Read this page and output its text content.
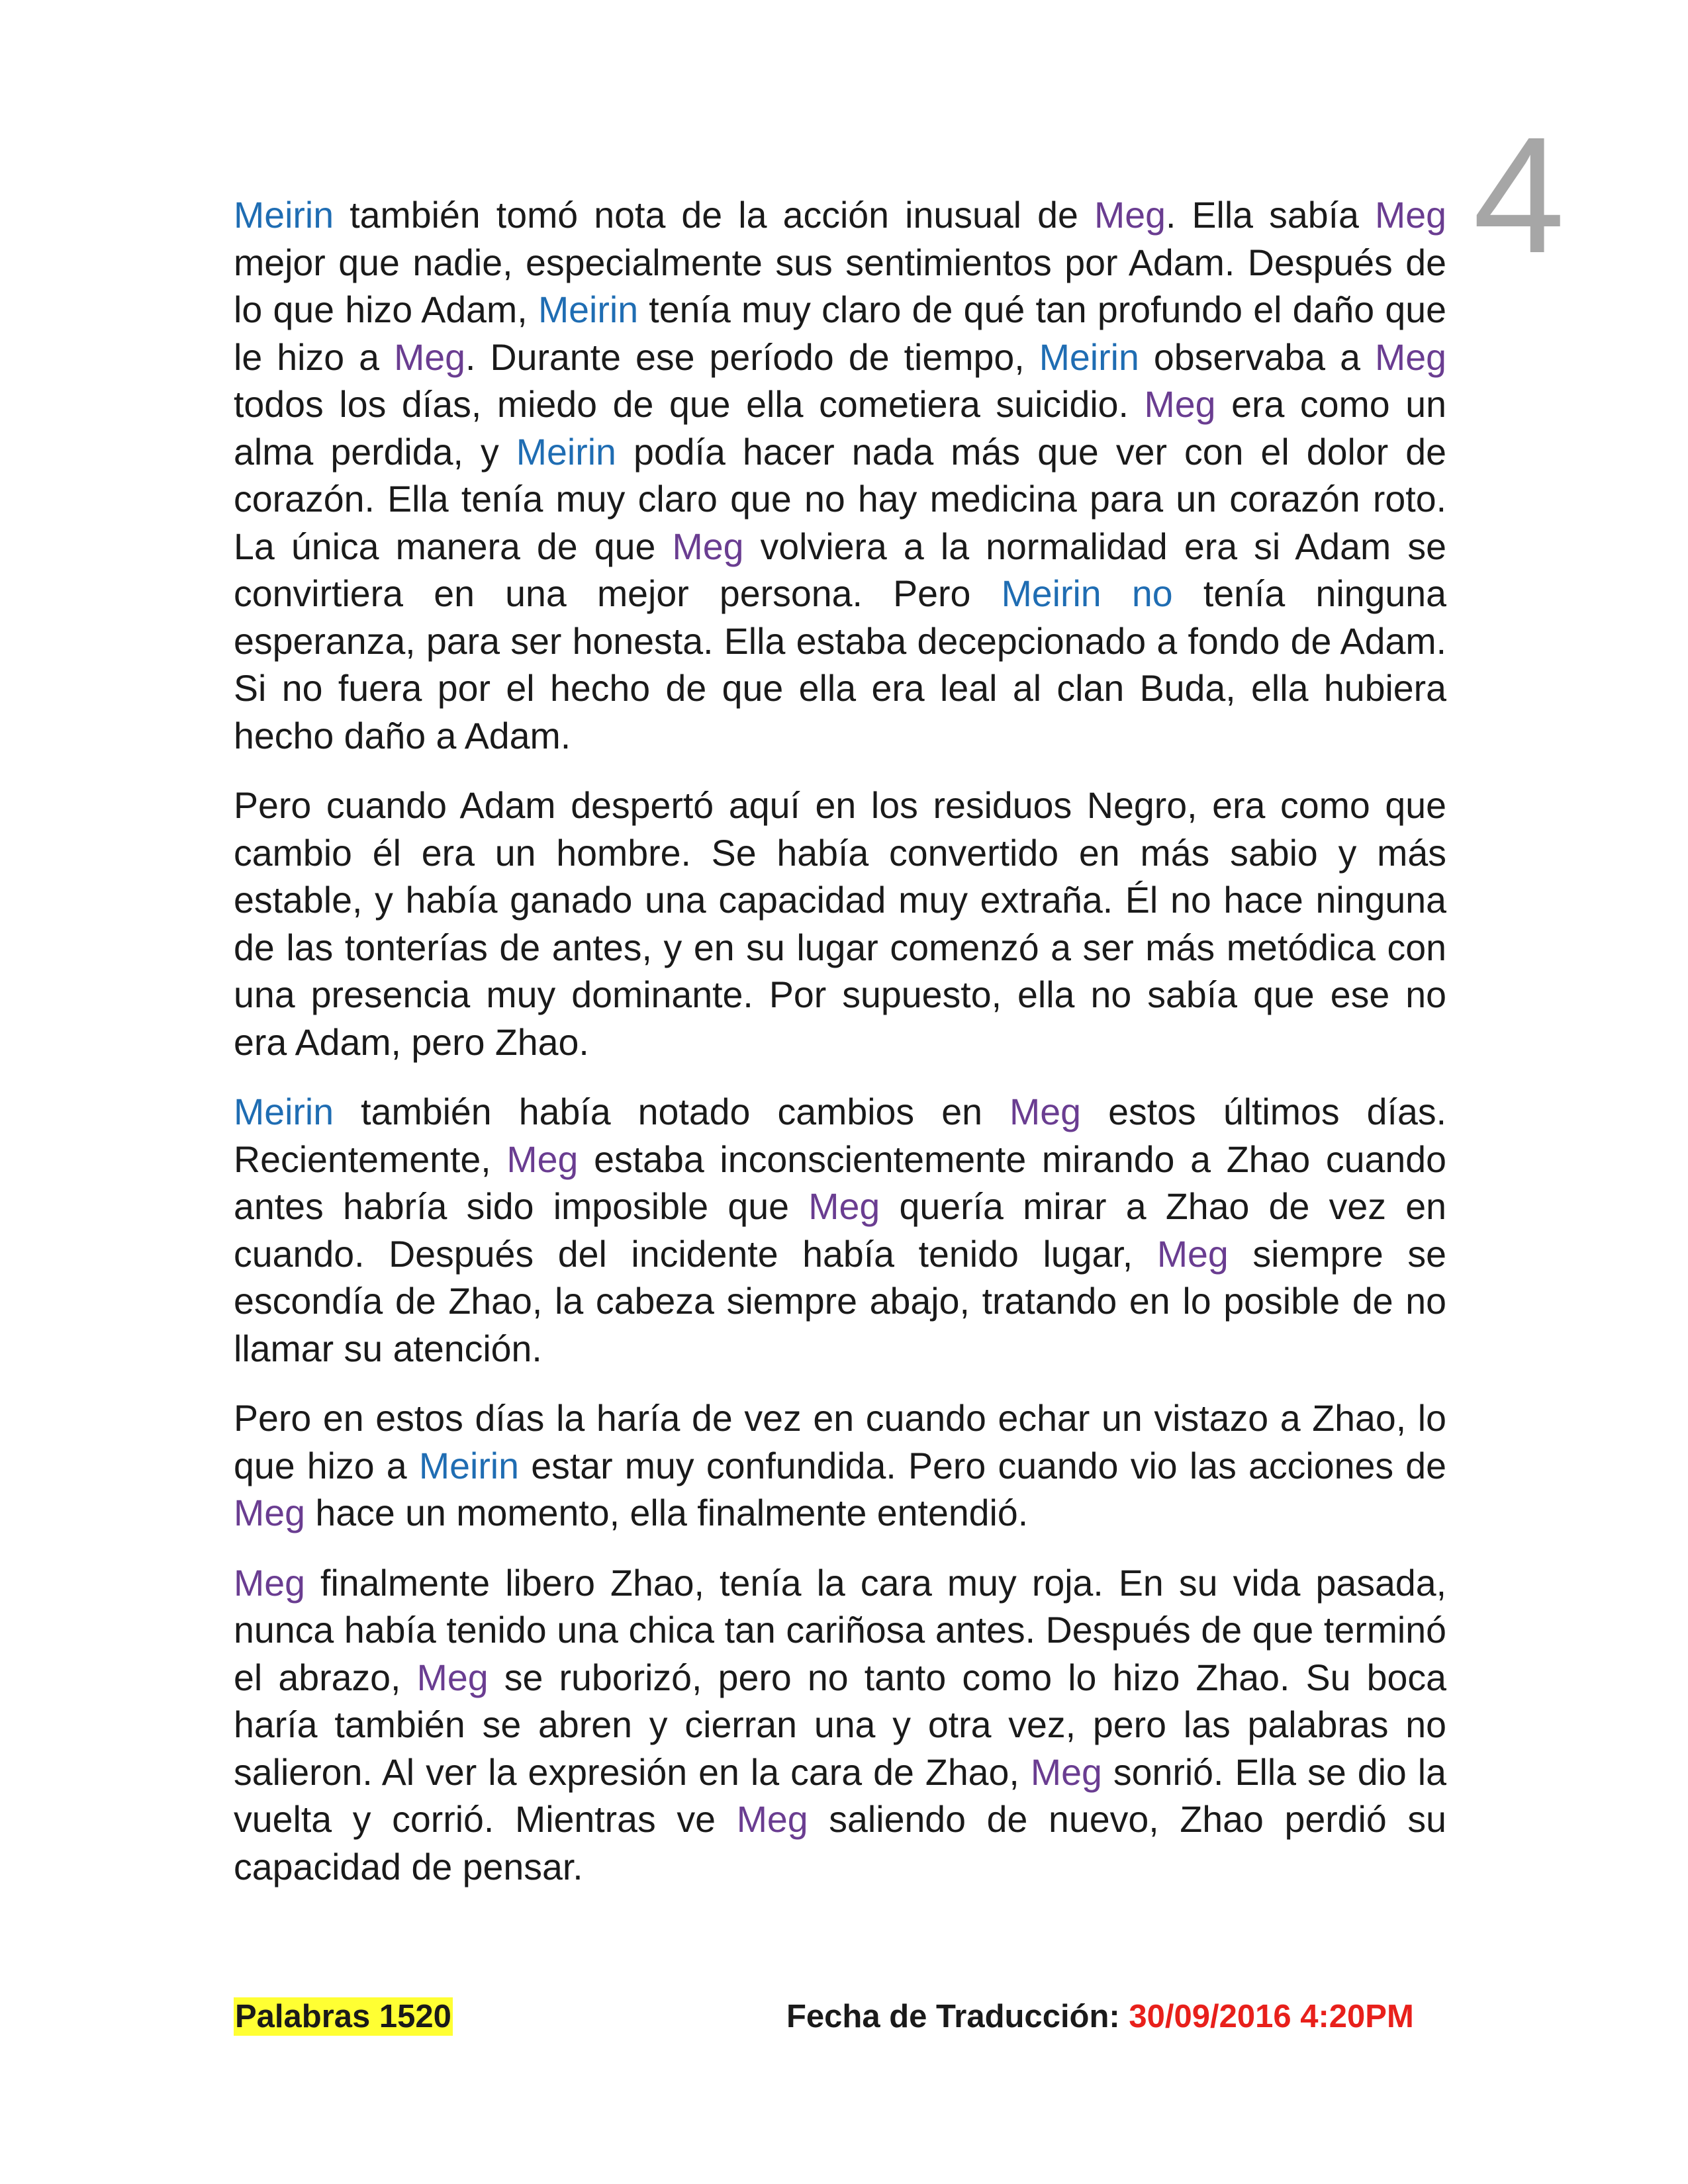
4

Meirin también tomó nota de la acción inusual de Meg. Ella sabía Meg mejor que nadie, especialmente sus sentimientos por Adam. Después de lo que hizo Adam, Meirin tenía muy claro de qué tan profundo el daño que le hizo a Meg. Durante ese período de tiempo, Meirin observaba a Meg todos los días, miedo de que ella cometiera suicidio. Meg era como un alma perdida, y Meirin podía hacer nada más que ver con el dolor de corazón. Ella tenía muy claro que no hay medicina para un corazón roto. La única manera de que Meg volviera a la normalidad era si Adam se convirtiera en una mejor persona. Pero Meirin no tenía ninguna esperanza, para ser honesta. Ella estaba decepcionado a fondo de Adam. Si no fuera por el hecho de que ella era leal al clan Buda, ella hubiera hecho daño a Adam.

Pero cuando Adam despertó aquí en los residuos Negro, era como que cambio él era un hombre. Se había convertido en más sabio y más estable, y había ganado una capacidad muy extraña. Él no hace ninguna de las tonterías de antes, y en su lugar comenzó a ser más metódica con una presencia muy dominante. Por supuesto, ella no sabía que ese no era Adam, pero Zhao.

Meirin también había notado cambios en Meg estos últimos días. Recientemente, Meg estaba inconscientemente mirando a Zhao cuando antes habría sido imposible que Meg quería mirar a Zhao de vez en cuando. Después del incidente había tenido lugar, Meg siempre se escondía de Zhao, la cabeza siempre abajo, tratando en lo posible de no llamar su atención.

Pero en estos días la haría de vez en cuando echar un vistazo a Zhao, lo que hizo a Meirin estar muy confundida. Pero cuando vio las acciones de Meg hace un momento, ella finalmente entendió.

Meg finalmente libero Zhao, tenía la cara muy roja. En su vida pasada, nunca había tenido una chica tan cariñosa antes. Después de que terminó el abrazo, Meg se ruborizó, pero no tanto como lo hizo Zhao. Su boca haría también se abren y cierran una y otra vez, pero las palabras no salieron. Al ver la expresión en la cara de Zhao, Meg sonrió. Ella se dio la vuelta y corrió. Mientras ve Meg saliendo de nuevo, Zhao perdió su capacidad de pensar.

Palabras 1520	Fecha de Traducción: 30/09/2016 4:20PM
